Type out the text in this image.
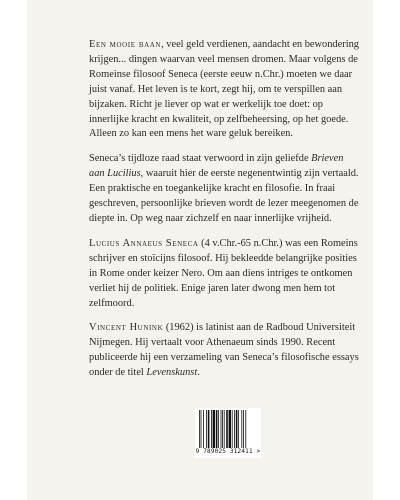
Een mooie baan, veel geld verdienen, aandacht en bewondering krijgen... dingen waarvan veel mensen dromen. Maar volgens de Romeinse filosoof Seneca (eerste eeuw n.Chr.) moeten we daar juist vanaf. Het leven is te kort, zegt hij, om te verspillen aan bijzaken. Richt je liever op wat er werkelijk toe doet: op innerlijke kracht en kwaliteit, op zelfbeheersing, op het goede. Alleen zo kan een mens het ware geluk bereiken.

Seneca’s tijdloze raad staat verwoord in zijn geliefde Brieven aan Lucilius, waaruit hier de eerste negenentwintig zijn vertaald. Een praktische en toegankelijke kracht en filosofie. In fraai geschreven, persoonlijke brieven wordt de lezer meegenomen de diepte in. Op weg naar zichzelf en naar innerlijke vrijheid.

Lucius Annaeus Seneca (4 v.Chr.-65 n.Chr.) was een Romeins schrijver en stoïcijns filosoof. Hij bekleedde belangrijke posities in Rome onder keizer Nero. Om aan diens intriges te ontkomen verliet hij de politiek. Enige jaren later dwong men hem tot zelfmoord.

Vincent Hunink (1962) is latinist aan de Radboud Universiteit Nijmegen. Hij vertaalt voor Athenaeum sinds 1990. Recent publiceerde hij een verzameling van Seneca’s filosofische essays onder de titel Levenskunst.

9 789025 312411 >
